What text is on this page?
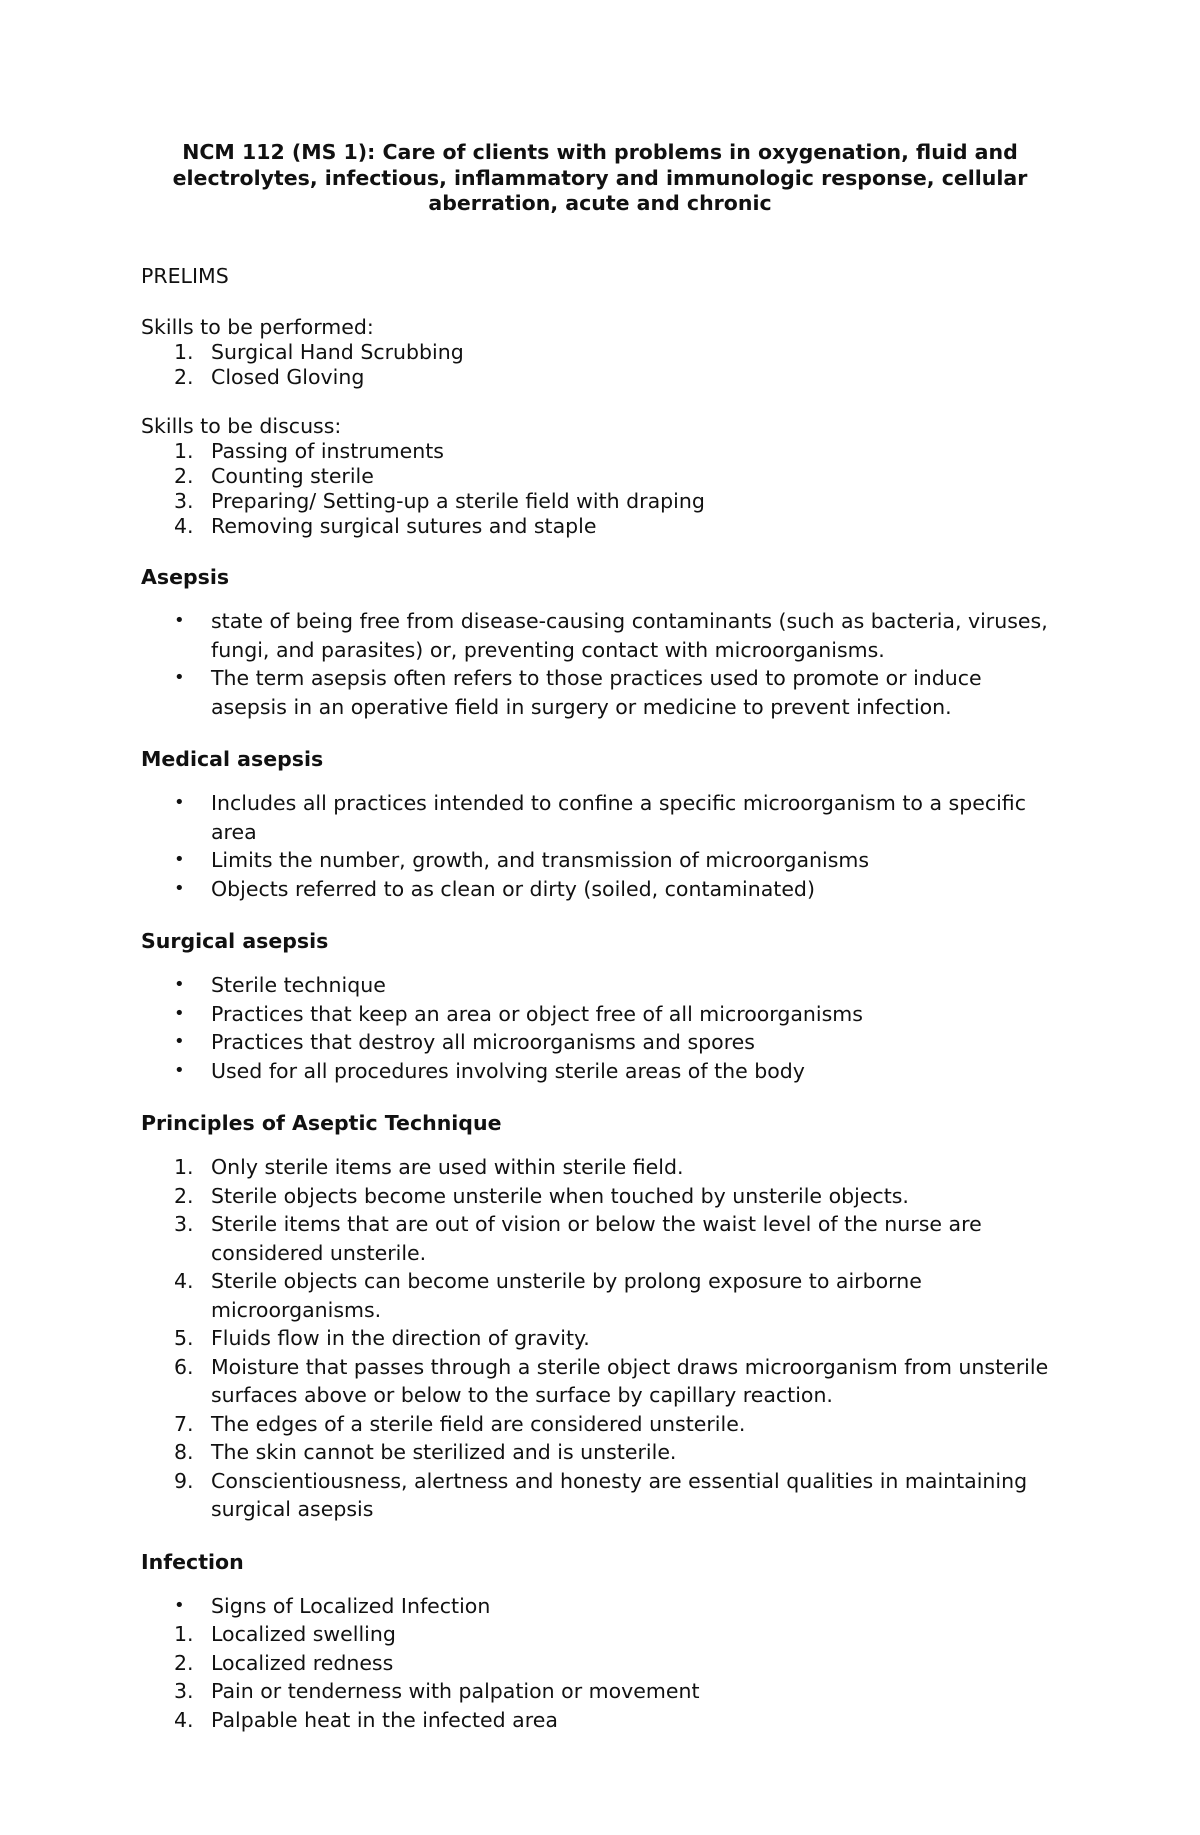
NCM 112 (MS 1): Care of clients with problems in oxygenation, fluid and electrolytes, infectious, inflammatory and immunologic response, cellular aberration, acute and chronic

PRELIMS

Skills to be performed:

1. Surgical Hand Scrubbing
2. Closed Gloving

Skills to be discuss:

1. Passing of instruments
2. Counting sterile
3. Preparing/ Setting-up a sterile field with draping
4. Removing surgical sutures and staple

Asepsis

•	state of being free from disease-causing contaminants (such as bacteria, viruses, fungi, and parasites) or, preventing contact with microorganisms.
•	The term asepsis often refers to those practices used to promote or induce asepsis in an operative field in surgery or medicine to prevent infection.

Medical asepsis

•	Includes all practices intended to confine a specific microorganism to a specific area
•	Limits the number, growth, and transmission of microorganisms
•	Objects referred to as clean or dirty (soiled, contaminated)

Surgical asepsis

•	Sterile technique
•	Practices that keep an area or object free of all microorganisms
•	Practices that destroy all microorganisms and spores
•	Used for all procedures involving sterile areas of the body

Principles of Aseptic Technique

1. Only sterile items are used within sterile field.
2. Sterile objects become unsterile when touched by unsterile objects.
3. Sterile items that are out of vision or below the waist level of the nurse are considered unsterile.
4. Sterile objects can become unsterile by prolong exposure to airborne microorganisms.
5. Fluids flow in the direction of gravity.
6. Moisture that passes through a sterile object draws microorganism from unsterile surfaces above or below to the surface by capillary reaction.
7. The edges of a sterile field are considered unsterile.
8. The skin cannot be sterilized and is unsterile.
9. Conscientiousness, alertness and honesty are essential qualities in maintaining surgical asepsis

Infection

•	Signs of Localized Infection
1. Localized swelling
2. Localized redness
3. Pain or tenderness with palpation or movement
4. Palpable heat in the infected area
